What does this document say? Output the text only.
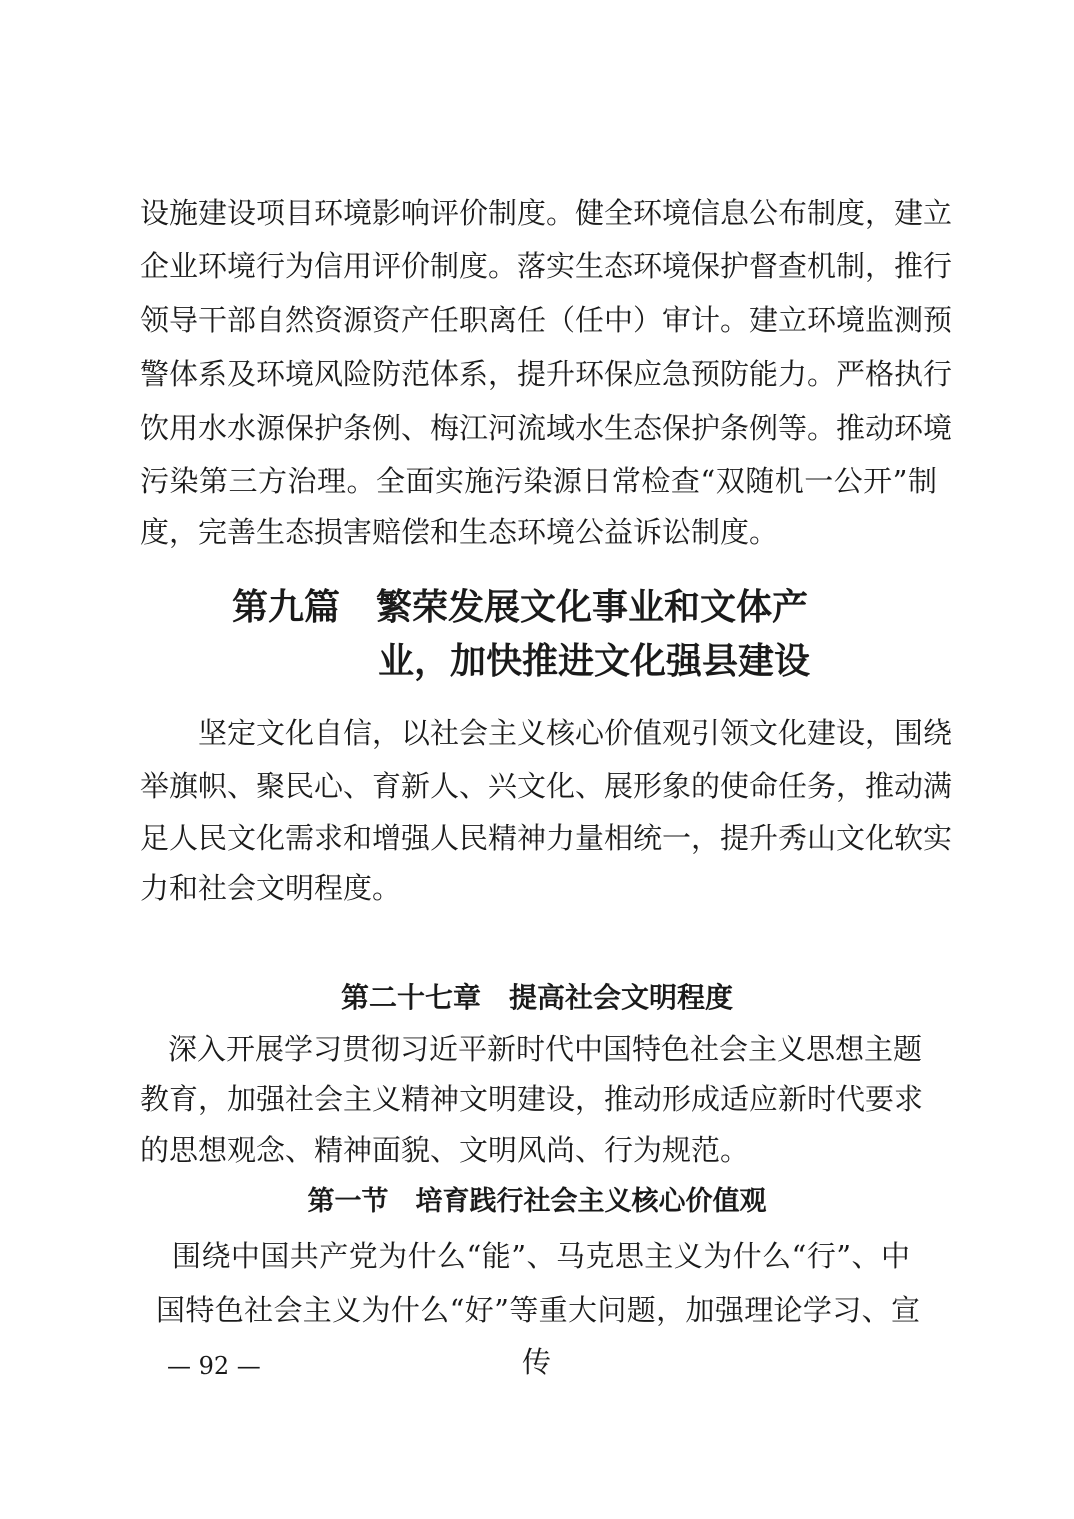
设施建设项目环境影响评价制度。健全环境信息公布制度，建立
企业环境行为信用评价制度。落实生态环境保护督查机制，推行
领导干部自然资源资产任职离任（任中）审计。建立环境监测预
警体系及环境风险防范体系，提升环保应急预防能力。严格执行
饮用水水源保护条例、梅江河流域水生态保护条例等。推动环境
污染第三方治理。全面实施污染源日常检查“双随机一公开”制
度，完善生态损害赔偿和生态环境公益诉讼制度。
第九篇　繁荣发展文化事业和文体产
业，加快推进文化强县建设
坚定文化自信，以社会主义核心价值观引领文化建设，围绕
举旗帜、聚民心、育新人、兴文化、展形象的使命任务，推动满
足人民文化需求和增强人民精神力量相统一，提升秀山文化软实
力和社会文明程度。
第二十七章　提高社会文明程度
深入开展学习贯彻习近平新时代中国特色社会主义思想主题
教育，加强社会主义精神文明建设，推动形成适应新时代要求
的思想观念、精神面貌、文明风尚、行为规范。
第一节　培育践行社会主义核心价值观
围绕中国共产党为什么“能”、马克思主义为什么“行”、中
国特色社会主义为什么“好”等重大问题，加强理论学习、宣
传
— 92 —
